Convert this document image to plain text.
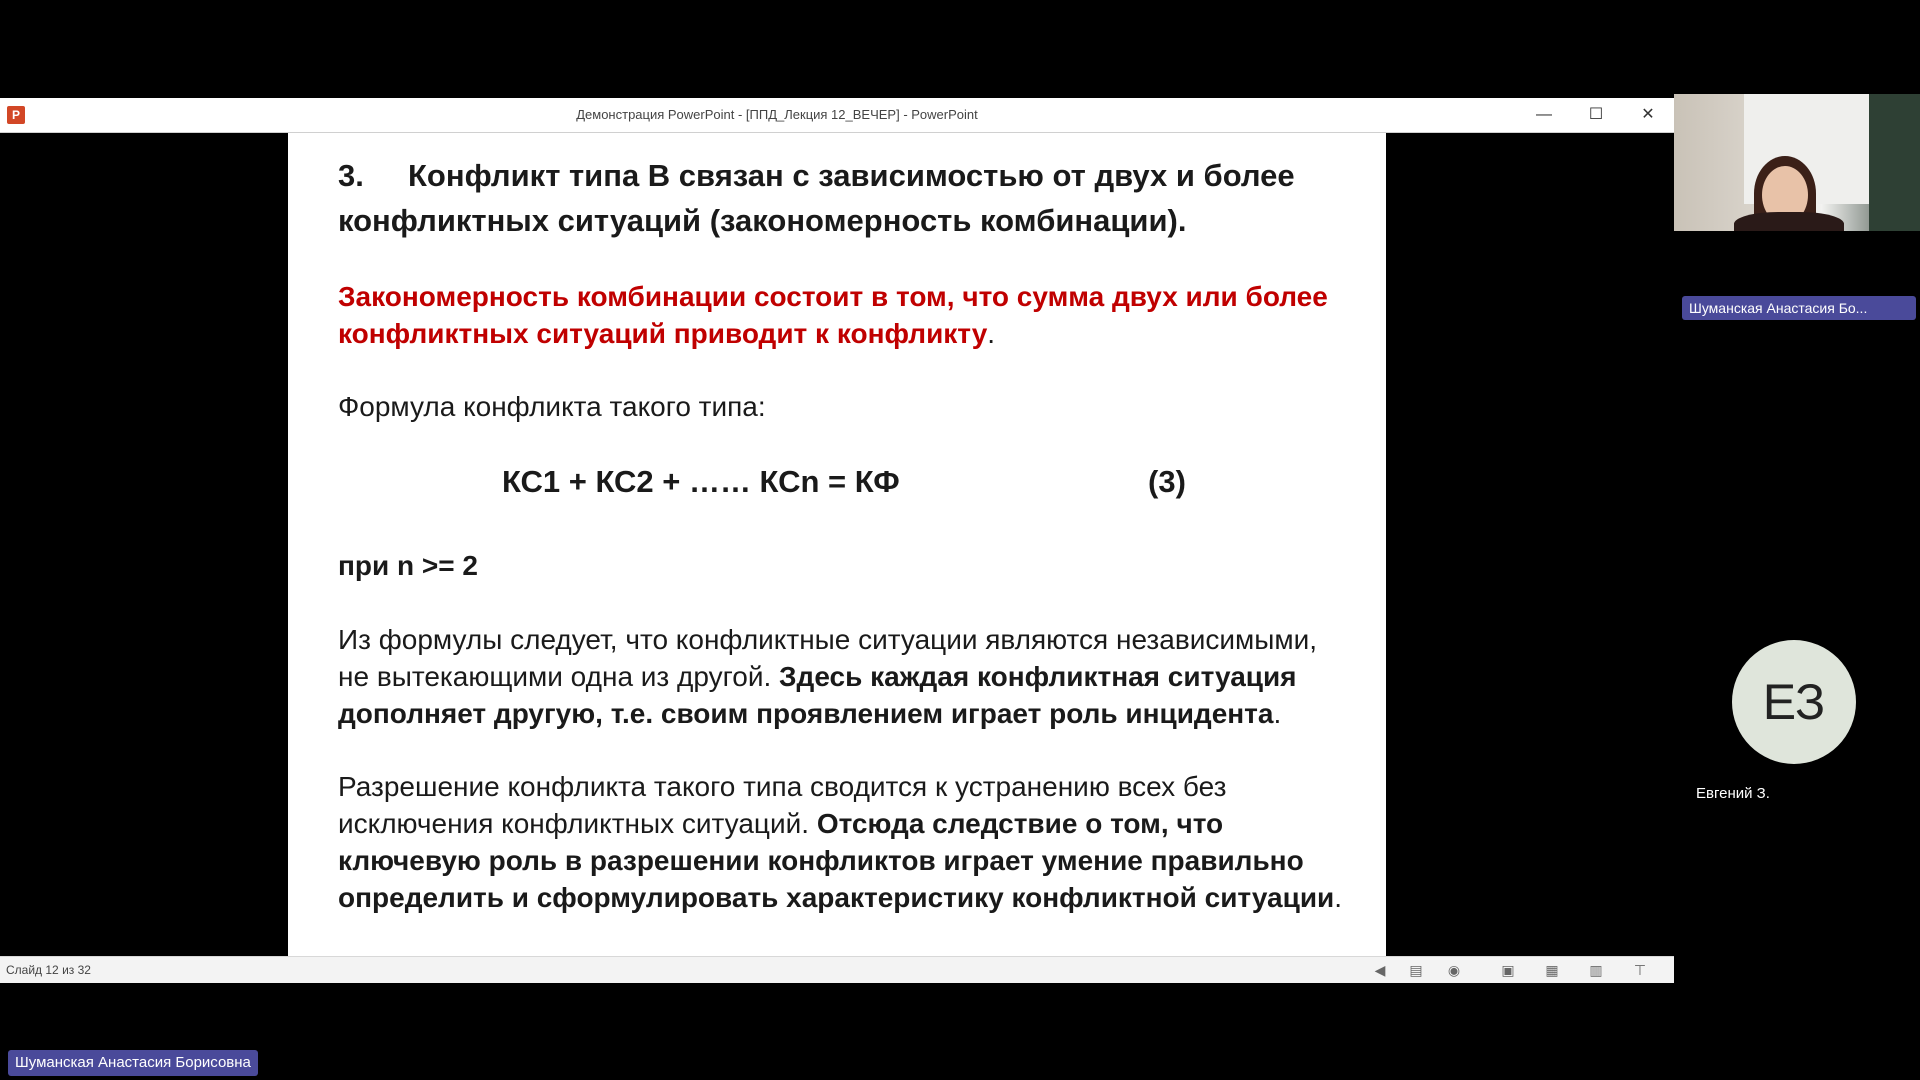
P	Демонстрация PowerPoint - [ППД_Лекция 12_ВЕЧЕР] - PowerPoint	—	☐	✕
3. Конфликт типа В связан с зависимостью от двух и более конфликтных ситуаций (закономерность комбинации).
Закономерность комбинации состоит в том, что сумма двух или более конфликтных ситуаций приводит к конфликту.
Формула конфликта такого типа:
КС1 + КС2 + …… КСn = КФ	(3)
при n >= 2
Из формулы следует, что конфликтные ситуации являются независимыми, не вытекающими одна из другой. Здесь каждая конфликтная ситуация дополняет другую, т.е. своим проявлением играет роль инцидента.
Разрешение конфликта такого типа сводится к устранению всех без исключения конфликтных ситуаций. Отсюда следствие о том, что ключевую роль в разрешении конфликтов играет умение правильно определить и сформулировать характеристику конфликтной ситуации.
Слайд 12 из 32	◀	▤ ◉	▣ ▦ ▥ ⊤
Шуманская Анастасия Бо...
ЕЗ
Евгений З.
Шуманская Анастасия Борисовна
